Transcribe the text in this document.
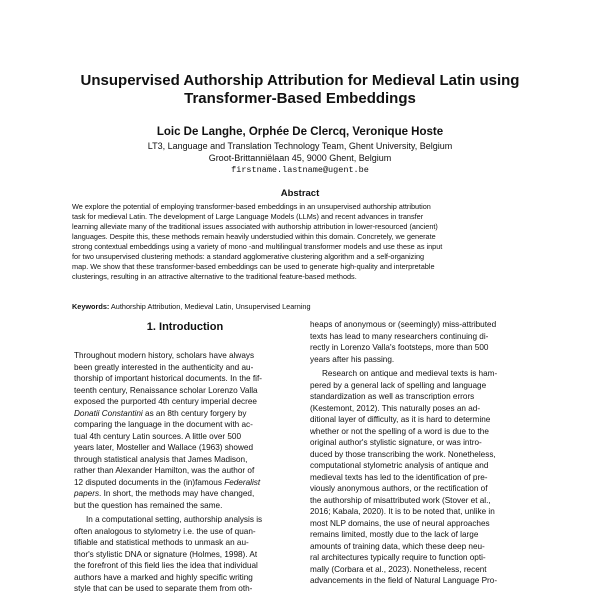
Unsupervised Authorship Attribution for Medieval Latin using
Transformer-Based Embeddings
Loic De Langhe, Orphée De Clercq, Veronique Hoste
LT3, Language and Translation Technology Team, Ghent University, Belgium
Groot-Brittanniëlaan 45, 9000 Ghent, Belgium
firstname.lastname@ugent.be
Abstract
We explore the potential of employing transformer-based embeddings in an unsupervised authorship attribution
task for medieval Latin. The development of Large Language Models (LLMs) and recent advances in transfer
learning alleviate many of the traditional issues associated with authorship attribution in lower-resourced (ancient)
languages. Despite this, these methods remain heavily understudied within this domain. Concretely, we generate
strong contextual embeddings using a variety of mono -and multilingual transformer models and use these as input
for two unsupervised clustering methods: a standard agglomerative clustering algorithm and a self-organizing
map. We show that these transformer-based embeddings can be used to generate high-quality and interpretable
clusterings, resulting in an attractive alternative to the traditional feature-based methods.
Keywords: Authorship Attribution, Medieval Latin, Unsupervised Learning
1. Introduction
Throughout modern history, scholars have always
been greatly interested in the authenticity and au-
thorship of important historical documents. In the fif-
teenth century, Renaissance scholar Lorenzo Valla
exposed the purported 4th century imperial decree
Donatii Constantini as an 8th century forgery by
comparing the language in the document with ac-
tual 4th century Latin sources. A little over 500
years later, Mosteller and Wallace (1963) showed
through statistical analysis that James Madison,
rather than Alexander Hamilton, was the author of
12 disputed documents in the (in)famous Federalist
papers. In short, the methods may have changed,
but the question has remained the same.
In a computational setting, authorship analysis is
often analogous to stylometry i.e. the use of quan-
tifiable and statistical methods to unmask an au-
thor's stylistic DNA or signature (Holmes, 1998). At
the forefront of this field lies the idea that individual
authors have a marked and highly specific writing
style that can be used to separate them from oth-
heaps of anonymous or (seemingly) miss-attributed
texts has lead to many researchers continuing di-
rectly in Lorenzo Valla's footsteps, more than 500
years after his passing.
Research on antique and medieval texts is ham-
pered by a general lack of spelling and language
standardization as well as transcription errors
(Kestemont, 2012). This naturally poses an ad-
ditional layer of difficulty, as it is hard to determine
whether or not the spelling of a word is due to the
original author's stylistic signature, or was intro-
duced by those transcribing the work. Nonetheless,
computational stylometric analysis of antique and
medieval texts has led to the identification of pre-
viously anonymous authors, or the rectification of
the authorship of misattributed work (Stover et al.,
2016; Kabala, 2020). It is to be noted that, unlike in
most NLP domains, the use of neural approaches
remains limited, mostly due to the lack of large
amounts of training data, which these deep neu-
ral architectures typically require to function opti-
mally (Corbara et al., 2023). Nonetheless, recent
advancements in the field of Natural Language Pro-
